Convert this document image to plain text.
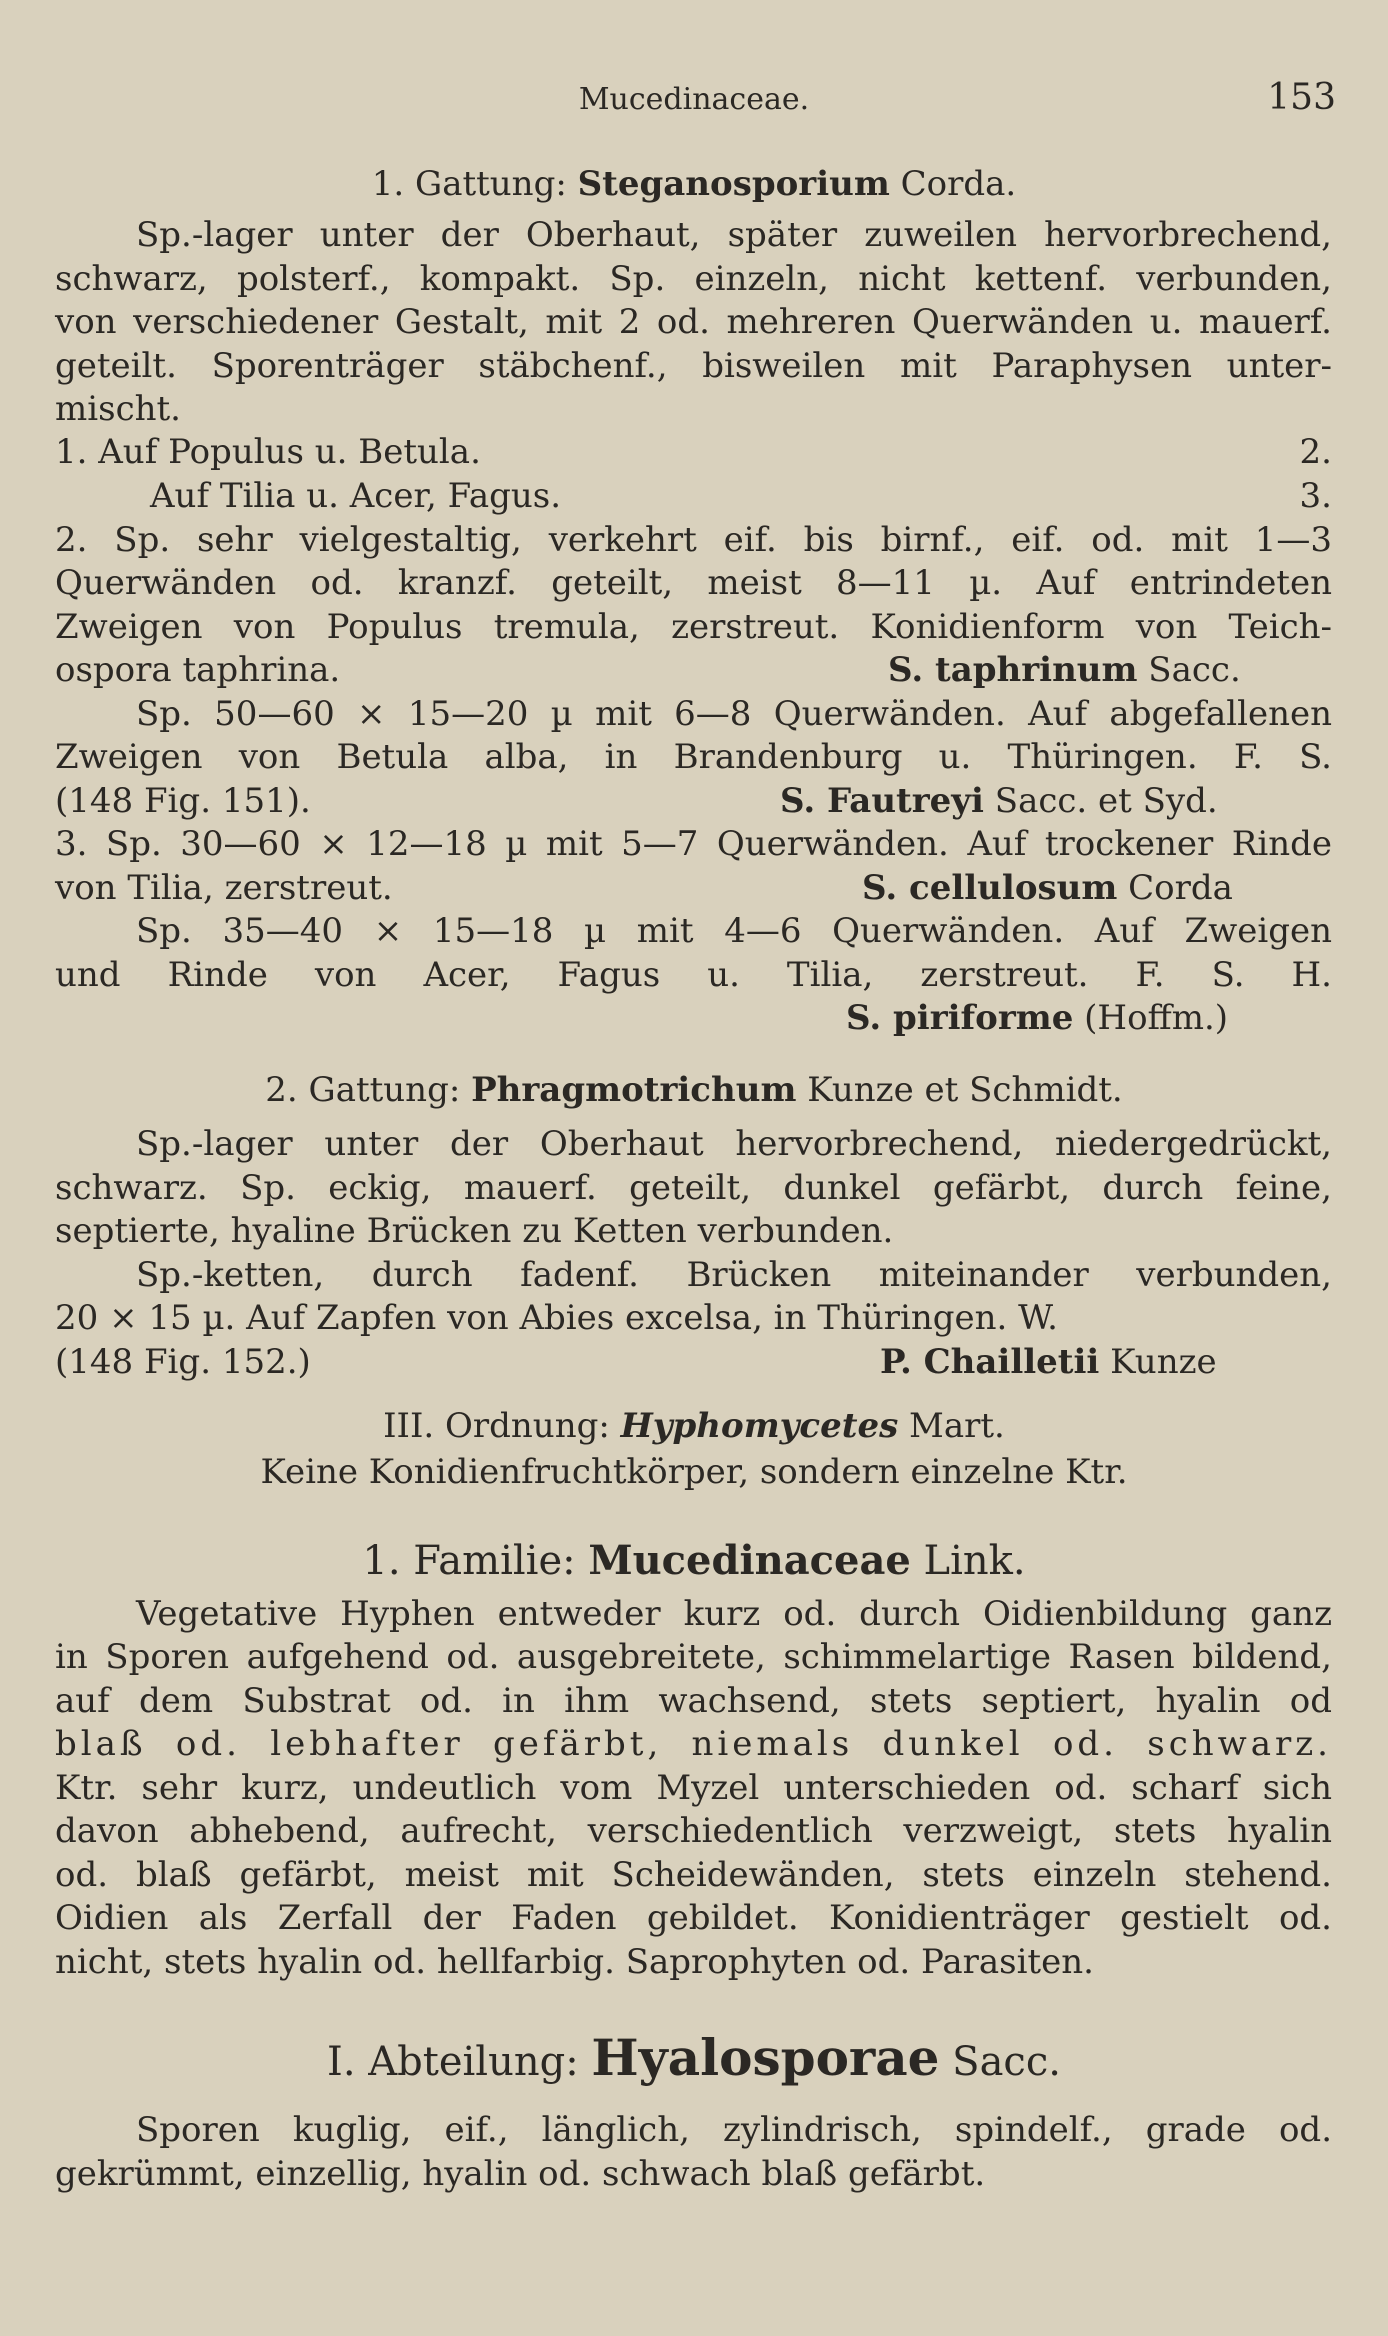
Mucedinaceae.	153
1. Gattung: Steganosporium Corda.
Sp.-lager unter der Oberhaut, später zuweilen hervorbrechend,
schwarz, polsterf., kompakt. Sp. einzeln, nicht kettenf. verbunden,
von verschiedener Gestalt, mit 2 od. mehreren Querwänden u. mauerf.
geteilt. Sporenträger stäbchenf., bisweilen mit Paraphysen unter-
mischt.
1. Auf Populus u. Betula.	2.
Auf Tilia u. Acer, Fagus.	3.
2. Sp. sehr vielgestaltig, verkehrt eif. bis birnf., eif. od. mit 1—3
Querwänden od. kranzf. geteilt, meist 8—11 µ. Auf entrindeten
Zweigen von Populus tremula, zerstreut. Konidienform von Teich-
ospora taphrina.	S. taphrinum Sacc.
Sp. 50—60 × 15—20 µ mit 6—8 Querwänden. Auf abgefallenen
Zweigen von Betula alba, in Brandenburg u. Thüringen. F. S.
(148 Fig. 151).	S. Fautreyi Sacc. et Syd.
3. Sp. 30—60 × 12—18 µ mit 5—7 Querwänden. Auf trockener Rinde
von Tilia, zerstreut.	S. cellulosum Corda
Sp. 35—40 × 15—18 µ mit 4—6 Querwänden. Auf Zweigen
und Rinde von Acer, Fagus u. Tilia, zerstreut. F. S. H.
S. piriforme (Hoffm.)
2. Gattung: Phragmotrichum Kunze et Schmidt.
Sp.-lager unter der Oberhaut hervorbrechend, niedergedrückt,
schwarz. Sp. eckig, mauerf. geteilt, dunkel gefärbt, durch feine,
septierte, hyaline Brücken zu Ketten verbunden.
Sp.-ketten, durch fadenf. Brücken miteinander verbunden,
20 × 15 µ. Auf Zapfen von Abies excelsa, in Thüringen. W.
(148 Fig. 152.)	P. Chailletii Kunze
III. Ordnung: Hyphomycetes Mart.
Keine Konidienfruchtkörper, sondern einzelne Ktr.
1. Familie: Mucedinaceae Link.
Vegetative Hyphen entweder kurz od. durch Oidienbildung ganz
in Sporen aufgehend od. ausgebreitete, schimmelartige Rasen bildend,
auf dem Substrat od. in ihm wachsend, stets septiert, hyalin od
blaß od. lebhafter gefärbt, niemals dunkel od. schwarz.
Ktr. sehr kurz, undeutlich vom Myzel unterschieden od. scharf sich
davon abhebend, aufrecht, verschiedentlich verzweigt, stets hyalin
od. blaß gefärbt, meist mit Scheidewänden, stets einzeln stehend.
Oidien als Zerfall der Faden gebildet. Konidienträger gestielt od.
nicht, stets hyalin od. hellfarbig. Saprophyten od. Parasiten.
I. Abteilung: Hyalosporae Sacc.
Sporen kuglig, eif., länglich, zylindrisch, spindelf., grade od.
gekrümmt, einzellig, hyalin od. schwach blaß gefärbt.
